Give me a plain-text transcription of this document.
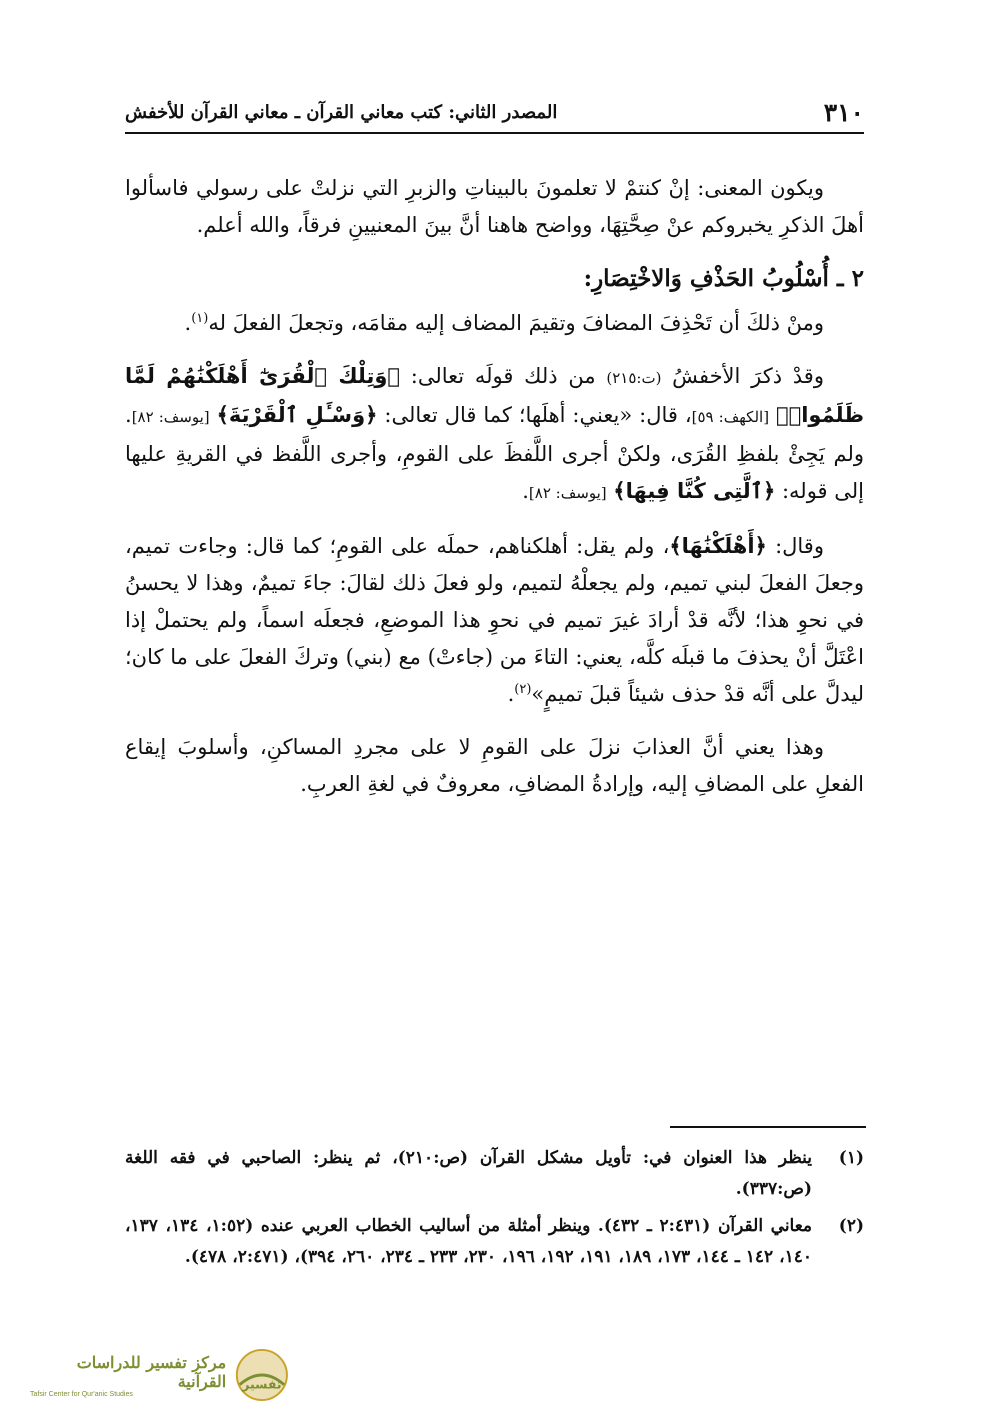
٣١٠
المصدر الثاني: كتب معاني القرآن ـ معاني القرآن للأخفش

ويكون المعنى: إنْ كنتمْ لا تعلمونَ بالبيناتِ والزبرِ التي نزلتْ على رسولي فاسألوا أهلَ الذكرِ يخبروكم عنْ صِحَّتِهَا، وواضح هاهنا أنَّ بينَ المعنيينِ فرقاً، والله أعلم.

٢ ـ أُسْلُوبُ الحَذْفِ وَالاخْتِصَارِ:

ومنْ ذلكَ أن تَحْذِفَ المضافَ وتقيمَ المضاف إليه مقامَه، وتجعلَ الفعلَ له$^{(١)}$.

وقدْ ذكرَ الأخفشُ (ت:٢١٥) من ذلك قولَه تعالى: ﴿وَتِلْكَ ٱلْقُرَىٰٓ أَهْلَكْنَٰهُمْ لَمَّا ظَلَمُوا۟﴾ [الكهف: ٥٩]، قال: «يعني: أهلَها؛ كما قال تعالى: ﴿وَسْـَٔلِ ٱلْقَرْيَةَ﴾ [يوسف: ٨٢]. ولم يَجِئْ بلفظِ القُرَى، ولكنْ أجرى اللَّفظَ على القومِ، وأجرى اللَّفظ في القريةِ عليها إلى قوله: ﴿ٱلَّتِى كُنَّا فِيهَا﴾ [يوسف: ٨٢].

وقال: ﴿أَهْلَكْنَٰهَا﴾، ولم يقل: أهلكناهم، حملَه على القومِ؛ كما قال: وجاءت تميم، وجعلَ الفعلَ لبني تميم، ولم يجعلْهُ لتميم، ولو فعلَ ذلك لقالَ: جاءَ تميمٌ، وهذا لا يحسنُ في نحوِ هذا؛ لأنَّه قدْ أرادَ غيرَ تميم في نحوِ هذا الموضعِ، فجعلَه اسماً، ولم يحتملْ إذا اعْتَلَّ أنْ يحذفَ ما قبلَه كلَّه، يعني: التاءَ من (جاءتْ) مع (بني) وتركَ الفعلَ على ما كان؛ ليدلَّ على أنَّه قدْ حذف شيئاً قبلَ تميمٍ»$^{(٢)}$.

وهذا يعني أنَّ العذابَ نزلَ على القومِ لا على مجردِ المساكنِ، وأسلوبَ إيقاع الفعلِ على المضافِ إليه، وإرادةُ المضافِ، معروفٌ في لغةِ العربِ.

(١)
ينظر هذا العنوان في: تأويل مشكل القرآن (ص:٢١٠)، ثم ينظر: الصاحبي في فقه اللغة (ص:٣٣٧).
(٢)
معاني القرآن (٢:٤٣١ ـ ٤٣٢). وينظر أمثلة من أساليب الخطاب العربي عنده (١:٥٢، ١٣٤، ١٣٧، ١٤٠، ١٤٢ ـ ١٤٤، ١٧٣، ١٨٩، ١٩١، ١٩٢، ١٩٦، ٢٣٠، ٢٣٣ ـ ٢٣٤، ٢٦٠، ٣٩٤)، (٢:٤٧١، ٤٧٨).
تفسير
مركز تفسير للدراسات القرآنية
Tafsir Center for Qur'anic Studies
